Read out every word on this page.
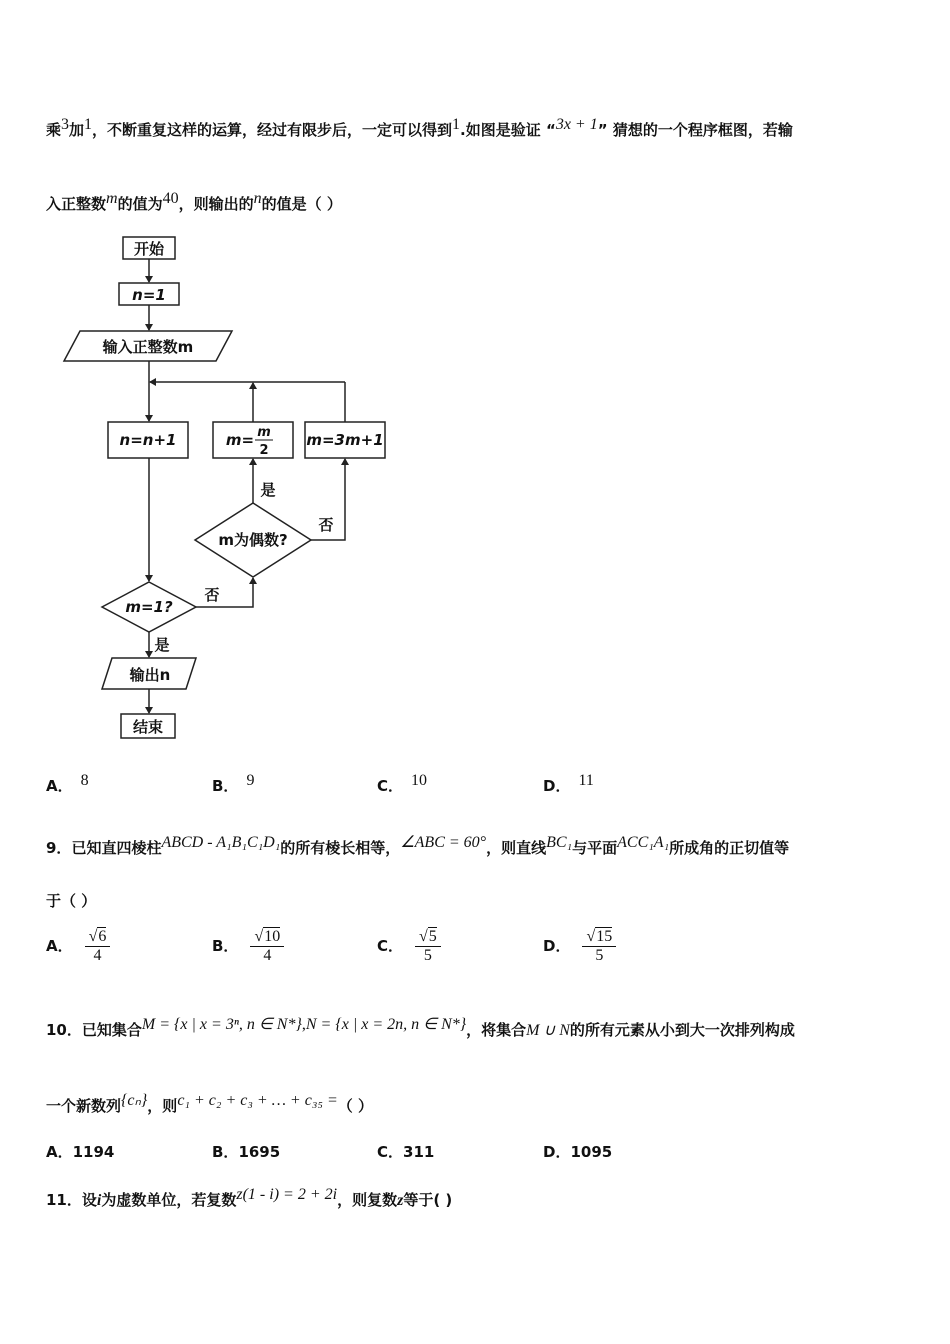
乘$^3$加$^1$，不断重复这样的运算，经过有限步后，一定可以得到$^1$.如图是验证 “$^{3x + 1}$” 猜想的一个程序框图，若输
入正整数$^m$的值为$^{40}$，则输出的$^n$的值是（ ）
开始
n=1
输入正整数m
n=n+1	m= m
2
m=3m+1
是
否
m为偶数?
m=1?
否
是
输出n
结束
A． $^8$	B． $^9$	C． $^{10}$	D． $^{11}$
9．已知直四棱柱$^{ABCD - A_1B_1C_1D_1}$的所有棱长相等，$^{\angle ABC = 60^\circ}$，则直线$^{BC_1}$与平面$^{ACC_1A_1}$所成角的正切值等
于（ ）
A． $\frac{√6}{4}$	B． $\frac{√10}{4}$	C． $\frac{√5}{5}$	D． $\frac{√15}{5}$
10．已知集合$^{M = \{x | x = 3^n, n \in N*\},N = \{x | x = 2n, n \in N*\}}$，将集合M ∪ N的所有元素从小到大一次排列构成
一个新数列$^{\{c_n\}}$，则$^{c_1 + c_2 + c_3 + \dots + c_{35} =}$（ ）
A．1194	B．1695	C．311	D．1095
11．设i为虚数单位，若复数$^{z(1 - i) = 2 + 2i}$，则复数z等于( )
